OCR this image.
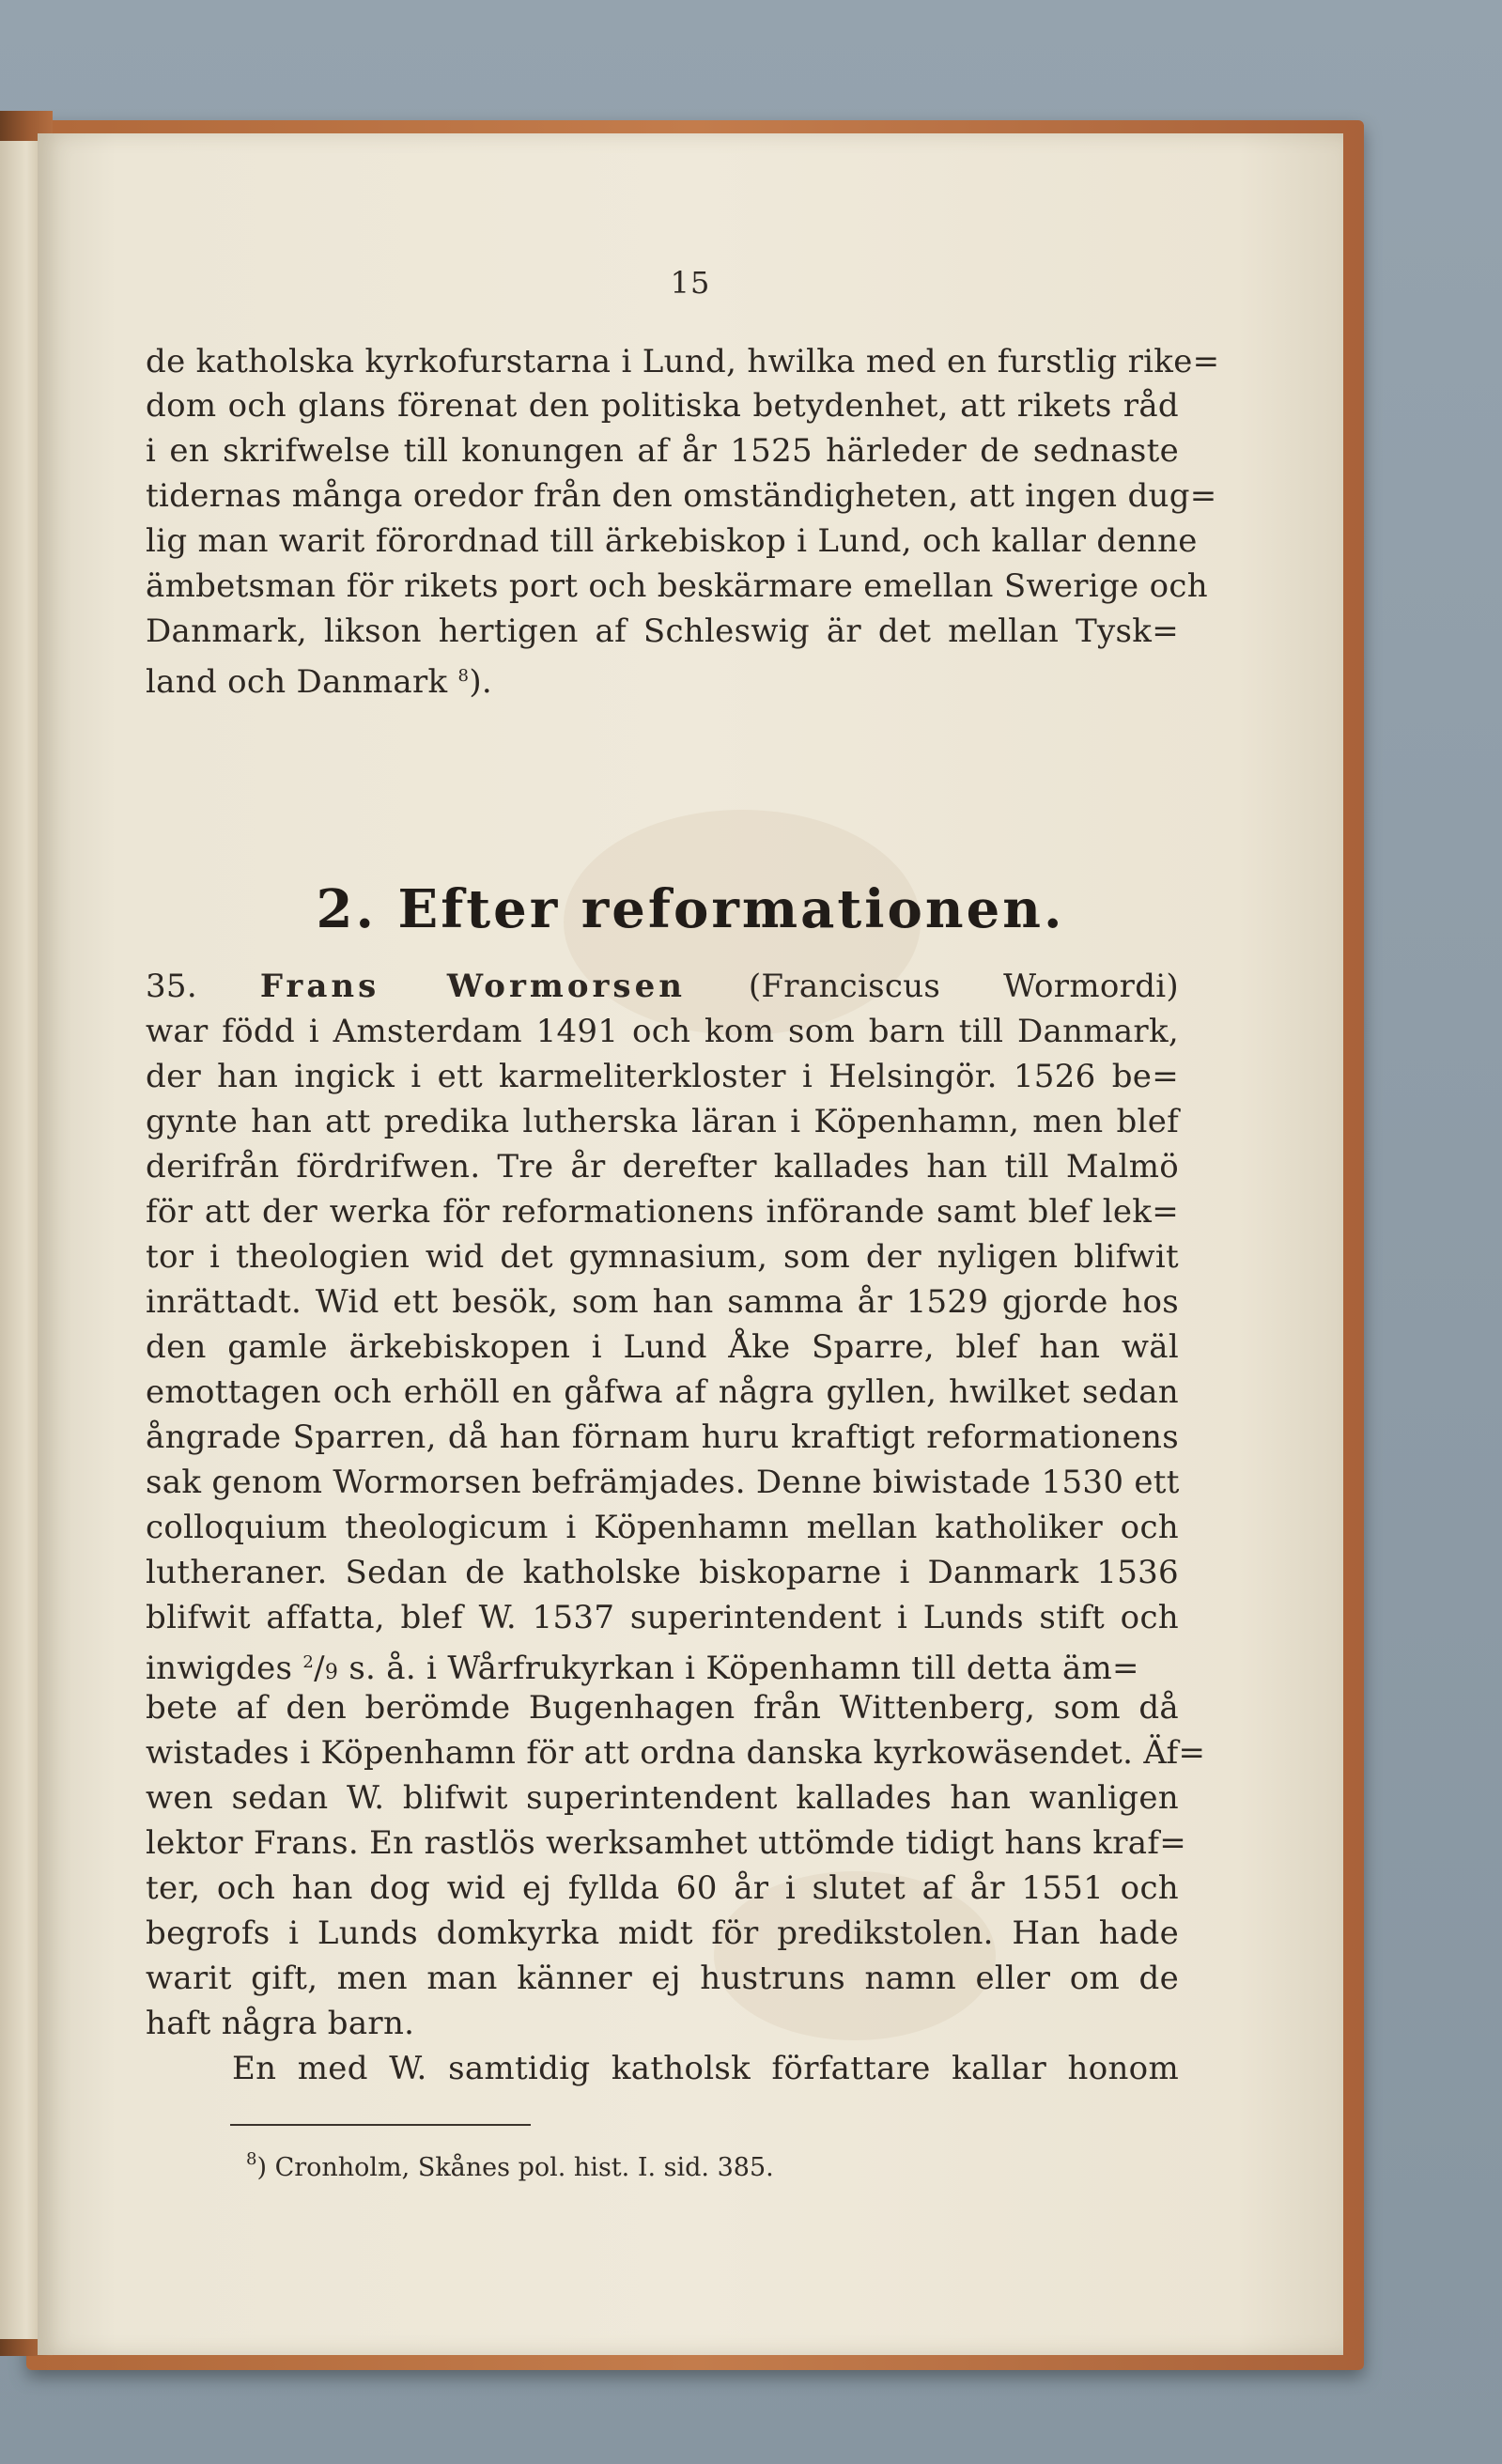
15
de katholska kyrkofurstarna i Lund, hwilka med en furstlig rike=
dom och glans förenat den politiska betydenhet, att rikets råd
i en skrifwelse till konungen af år 1525 härleder de sednaste
tidernas många oredor från den omständigheten, att ingen dug=
lig man warit förordnad till ärkebiskop i Lund, och kallar denne
ämbetsman för rikets port och beskärmare emellan Swerige och
Danmark, likson hertigen af Schleswig är det mellan Tysk=
land och Danmark $^8$).
2. Efter reformationen.
35. Frans Wormorsen (Franciscus Wormordi)
war född i Amsterdam 1491 och kom som barn till Danmark,
der han ingick i ett karmeliterkloster i Helsingör. 1526 be=
gynte han att predika lutherska läran i Köpenhamn, men blef
derifrån fördrifwen. Tre år derefter kallades han till Malmö
för att der werka för reformationens införande samt blef lek=
tor i theologien wid det gymnasium, som der nyligen blifwit
inrättadt. Wid ett besök, som han samma år 1529 gjorde hos
den gamle ärkebiskopen i Lund Åke Sparre, blef han wäl
emottagen och erhöll en gåfwa af några gyllen, hwilket sedan
ångrade Sparren, då han förnam huru kraftigt reformationens
sak genom Wormorsen befrämjades. Denne biwistade 1530 ett
colloquium theologicum i Köpenhamn mellan katholiker och
lutheraner. Sedan de katholske biskoparne i Danmark 1536
blifwit affatta, blef W. 1537 superintendent i Lunds stift och
inwigdes $^2$/9 s. å. i Wårfrukyrkan i Köpenhamn till detta äm=
bete af den berömde Bugenhagen från Wittenberg, som då
wistades i Köpenhamn för att ordna danska kyrkowäsendet. Äf=
wen sedan W. blifwit superintendent kallades han wanligen
lektor Frans. En rastlös werksamhet uttömde tidigt hans kraf=
ter, och han dog wid ej fyllda 60 år i slutet af år 1551 och
begrofs i Lunds domkyrka midt för predikstolen. Han hade
warit gift, men man känner ej hustruns namn eller om de
haft några barn.
En med W. samtidig katholsk författare kallar honom
$^8$) Cronholm, Skånes pol. hist. I. sid. 385.
